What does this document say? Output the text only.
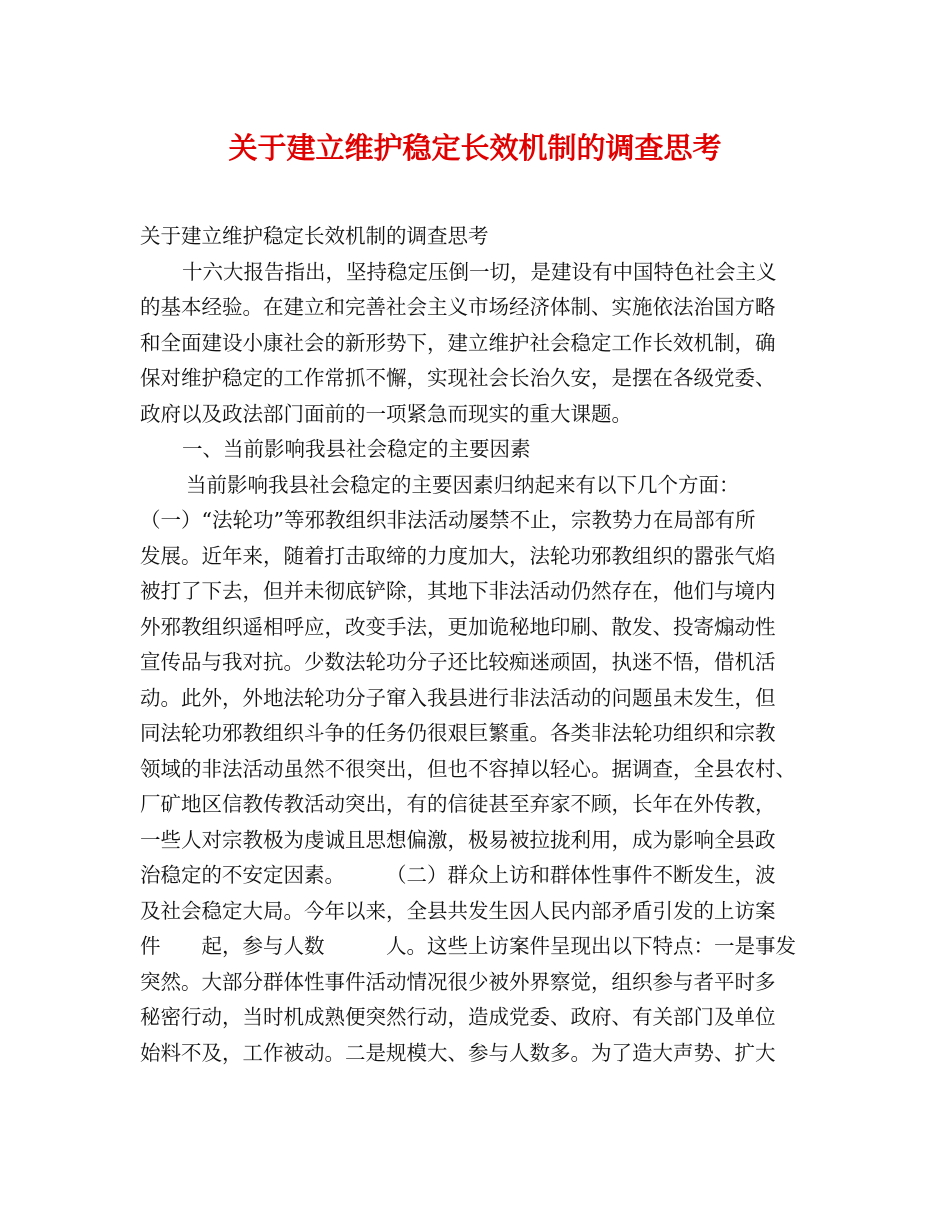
关于建立维护稳定长效机制的调查思考
关于建立维护稳定长效机制的调查思考
十六大报告指出，坚持稳定压倒一切，是建设有中国特色社会主义
的基本经验。在建立和完善社会主义市场经济体制、实施依法治国方略
和全面建设小康社会的新形势下，建立维护社会稳定工作长效机制，确
保对维护稳定的工作常抓不懈，实现社会长治久安，是摆在各级党委、
政府以及政法部门面前的一项紧急而现实的重大课题。
一、当前影响我县社会稳定的主要因素
当前影响我县社会稳定的主要因素归纳起来有以下几个方面：
（一）“法轮功”等邪教组织非法活动屡禁不止，宗教势力在局部有所
发展。近年来，随着打击取缔的力度加大，法轮功邪教组织的嚣张气焰
被打了下去，但并未彻底铲除，其地下非法活动仍然存在，他们与境内
外邪教组织遥相呼应，改变手法，更加诡秘地印刷、散发、投寄煽动性
宣传品与我对抗。少数法轮功分子还比较痴迷顽固，执迷不悟，借机活
动。此外，外地法轮功分子窜入我县进行非法活动的问题虽未发生，但
同法轮功邪教组织斗争的任务仍很艰巨繁重。各类非法轮功组织和宗教
领域的非法活动虽然不很突出，但也不容掉以轻心。据调查，全县农村、
厂矿地区信教传教活动突出，有的信徒甚至弃家不顾，长年在外传教，
一些人对宗教极为虔诚且思想偏激，极易被拉拢利用，成为影响全县政
治稳定的不安定因素。　　　（二）群众上访和群体性事件不断发生，波
及社会稳定大局。今年以来，全县共发生因人民内部矛盾引发的上访案
件　　起，参与人数　　　人。这些上访案件呈现出以下特点：一是事发
突然。大部分群体性事件活动情况很少被外界察觉，组织参与者平时多
秘密行动，当时机成熟便突然行动，造成党委、政府、有关部门及单位
始料不及，工作被动。二是规模大、参与人数多。为了造大声势、扩大
